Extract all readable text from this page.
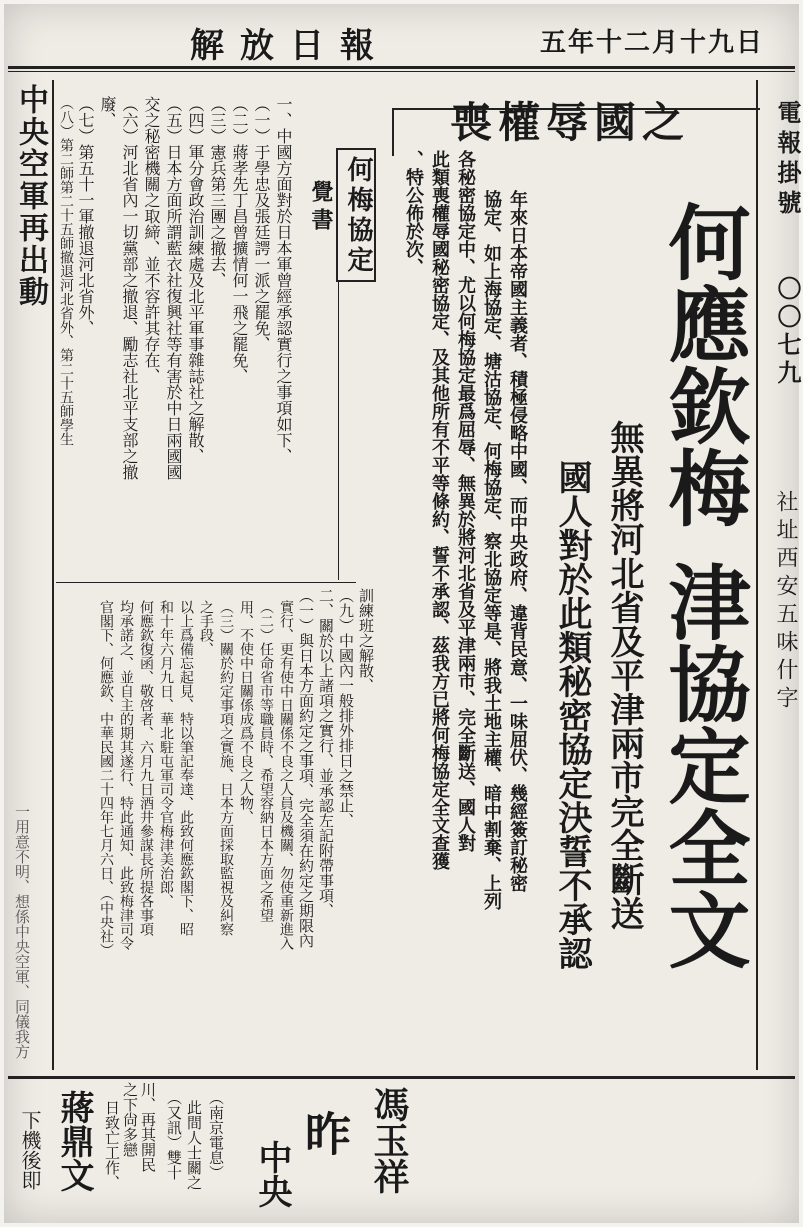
解放日報	五年十二月十九日
中央空軍再出動
一用意不明、想係中央空軍、同儀我方
電報掛號
〇〇七九
社址西安五味什字
喪權辱國之
何應欽梅
津協定全文
無異將河北省及平津兩市完全斷送
國人對於此類秘密協定決誓不承認
年來日本帝國主義者、積極侵略中國、而中央政府、違背民意、一味屈伏、幾經簽訂秘密
協定、如上海協定、塘沽協定、何梅協定、察北協定等是、將我土地主權、暗中割棄、上列
各秘密協定中、尤以何梅協定最爲屈辱、無異於將河北省及平津兩市、完全斷送、國人對
此類喪權辱國秘密協定、及其他所有不平等條約、誓不承認、茲我方已將何梅協定全文查獲
、特公佈於次、
何梅協定
覺書
一、中國方面對於日本軍曾經承認實行之事項如下、
（一）于學忠及張廷諤一派之罷免、
（二）蔣孝先丁昌曾擴情何一飛之罷免、
（三）憲兵第三團之撤去、
（四）軍分會政治訓練處及北平軍事雜誌社之解散、
（五）日本方面所謂藍衣社復興社等有害於中日兩國國
交之秘密機關之取締、並不容許其存在、
（六）河北省內一切黨部之撤退、勵志社北平支部之撤
廢、
（七）第五十一軍撤退河北省外、
（八）第二師第二十五師撤退河北省外、第二十五師學生
訓練班之解散、
（九）中國內一般排外排日之禁止、
二、關於以上諸項之實行、並承認左記附帶事項、
（一）與日本方面約定之事項、完全須在約定之期限內
實行、更有使中日關係不良之人員及機關、勿使重新進入
（二）任命省市等職員時、希望容納日本方面之希望
用、不使中日關係成爲不良之人物、
（三）關於約定事項之實施、日本方面採取監視及糾察
之手段、
以上爲備忘起見、特以筆記奉達、此致何應欽閣下、昭
和十年六月九日、華北駐屯軍司令官梅津美治郎、
何應欽復函、敬啓者、六月九日酒井參謀長所提各事項
均承諾之、並自主的期其遂行、特此通知、此致梅津司令
官閣下、何應欽、中華民國二十四年七月六日、（中央社）
蔣鼎文
下機後即	之下尙多戀 川、再其開民
日致亡工作、	（又訊）雙十 此間人士關之 （南京電息） 昨
中央 馮玉祥
